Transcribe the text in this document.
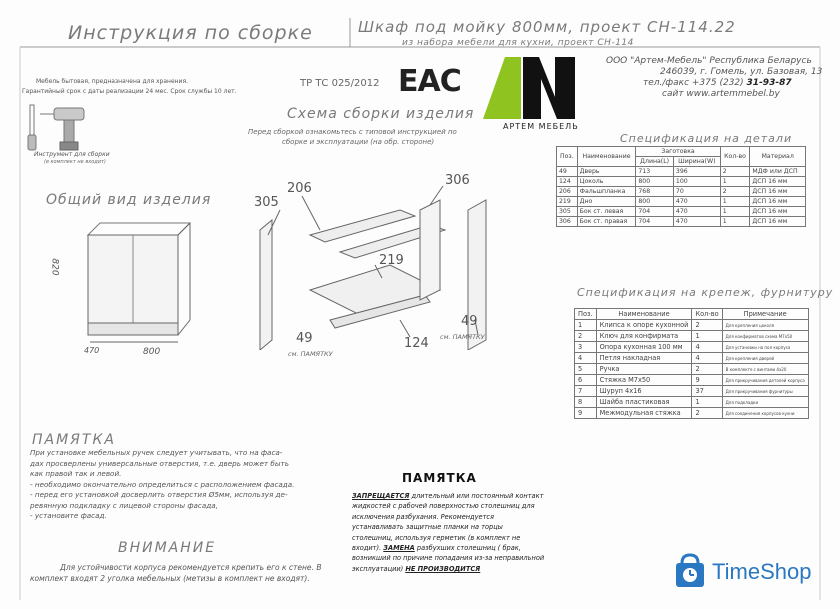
Инструкция по сборке	Шкаф под мойку 800мм, проект СН-114.22
из набора мебели для кухни, проект СН-114
Мебель бытовая, предназначена для хранения.
Гарантийный срок с даты реализации 24 мес. Срок службы 10 лет.
Инструмент для сборки
(в комплект не входит)
ТР ТС 025/2012 EAC
АРТЕМ МЕБЕЛЬ
ООО "Артем-Мебель" Республика Беларусь
246039, г. Гомель, ул. Базовая, 13
тел./факс +375 (232) 31-93-87
сайт www.artemmebel.by
Общий вид изделия
820
470	800
Схема сборки изделия
Перед сборкой ознакомьтесь с типовой инструкцией по
сборке и эксплуатации (на обр. стороне)
206
306
305
219
49	124
49
см. ПАМЯТКУ
см. ПАМЯТКУ
Спецификация на детали
Поз.	Наименование	Заготовка		Кол-во	Материал
		Длина(L)	Ширина(W)		
49	Дверь	713	396	2	МДФ или ДСП
124	Цоколь	800	100	1	ДСП 16 мм
206	Фальшпланка	768	70	2	ДСП 16 мм
219	Дно	800	470	1	ДСП 16 мм
305	Бок ст. левая	704	470	1	ДСП 16 мм
306	Бок ст. правая	704	470	1	ДСП 16 мм
Спецификация на крепеж, фурнитуру
Поз.	Наименование	Кол-во	Примечание
1	Клипса к опоре кухонной	2	Для крепления цоколя
2	Ключ для конфирмата	1	Для конфирматов схема М7х50
3	Опора кухонная 100 мм	4	Для установки на пол корпуса
4	Петля накладная	4	Для крепления дверей
5	Ручка	2	В комплекте с винтами 4х20
6	Стяжка М7х50	9	Для прикручивания деталей корпуса
7	Шуруп 4х16	37	Для прикручивания фурнитуры
8	Шайба пластиковая	1	Для подкладки
9	Межмодульная стяжка	2	Для соединения корпусов кухни
ПАМЯТКА
При установке мебельных ручек следует учитывать, что на фаса-
дах просверлены универсальные отверстия, т.е. дверь может быть
как правой так и левой.
- необходимо окончательно определиться с расположением фасада.
- перед его установкой досверлить отверстия Ø5мм, используя де-
ревянную подкладку с лицевой стороны фасада,
- установите фасад.
ВНИМАНИЕ
Для устойчивости корпуса рекомендуется крепить его к стене. В
комплект входят 2 уголка мебельных (метизы в комплект не входят).
ПАМЯТКА
ЗАПРЕЩАЕТСЯ длительный или постоянный контакт
жидкостей с рабочей поверхностью столешниц для
исключения разбухания. Рекомендуется
устанавливать защитные планки на торцы
столешниц, используя герметик (в комплект не
входит). ЗАМЕНА разбухших столешниц ( брак,
возникший по причине попадания из-за неправильной
эксплуатации) НЕ ПРОИЗВОДИТСЯ	TimeShop
